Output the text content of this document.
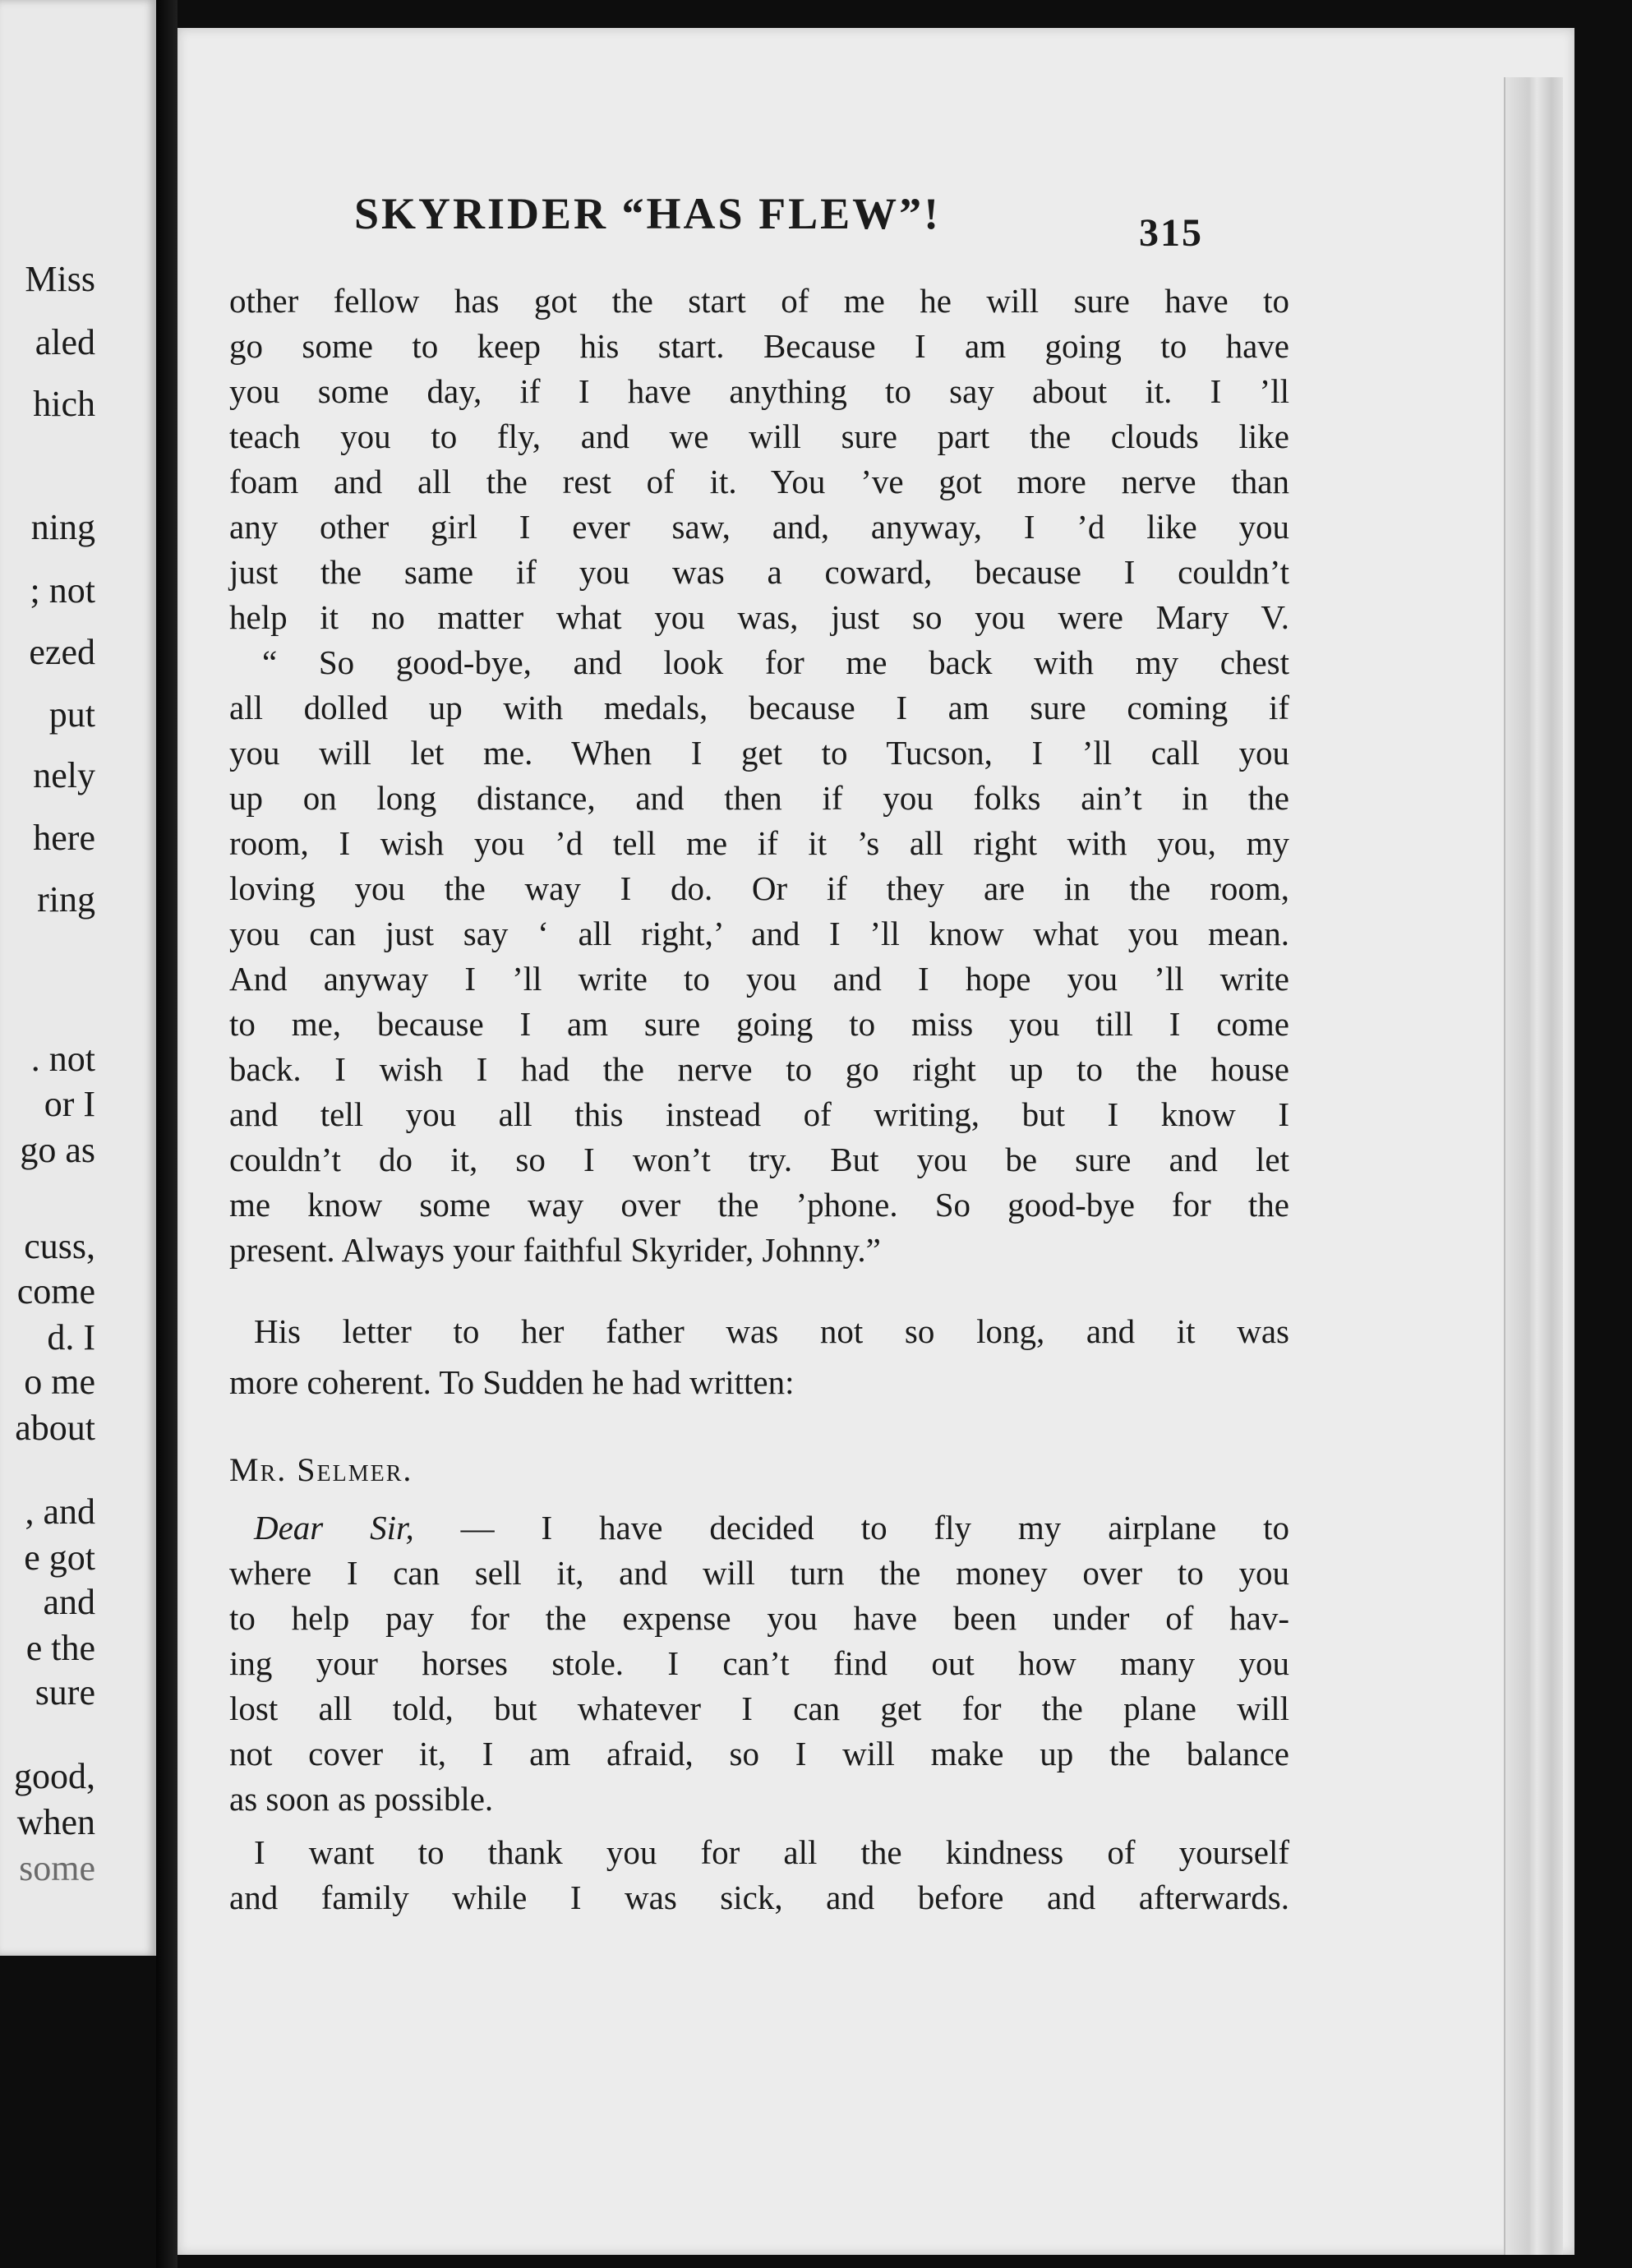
Miss

aled

hich

ning

; not

ezed

put

nely

here

ring

. not

or I

go as

cuss,

come

d. I

o me

about

, and

e got

and

e the

sure

good,

when

some

SKYRIDER “HAS FLEW”!	315

other fellow has got the start of me he will sure have to

go some to keep his start. Because I am going to have

you some day, if I have anything to say about it. I ’ll

teach you to fly, and we will sure part the clouds like

foam and all the rest of it. You ’ve got more nerve than

any other girl I ever saw, and, anyway, I ’d like you

just the same if you was a coward, because I couldn’t

help it no matter what you was, just so you were Mary V.

“ So good-bye, and look for me back with my chest

all dolled up with medals, because I am sure coming if

you will let me. When I get to Tucson, I ’ll call you

up on long distance, and then if you folks ain’t in the

room, I wish you ’d tell me if it ’s all right with you, my

loving you the way I do. Or if they are in the room,

you can just say ‘ all right,’ and I ’ll know what you mean.

And anyway I ’ll write to you and I hope you ’ll write

to me, because I am sure going to miss you till I come

back. I wish I had the nerve to go right up to the house

and tell you all this instead of writing, but I know I

couldn’t do it, so I won’t try. But you be sure and let

me know some way over the ’phone. So good-bye for the

present. Always your faithful Skyrider, Johnny.”

His letter to her father was not so long, and it was

more coherent. To Sudden he had written:

Mr. Selmer.

Dear Sir, — I have decided to fly my airplane to

where I can sell it, and will turn the money over to you

to help pay for the expense you have been under of hav-

ing your horses stole. I can’t find out how many you

lost all told, but whatever I can get for the plane will

not cover it, I am afraid, so I will make up the balance

as soon as possible.

I want to thank you for all the kindness of yourself

and family while I was sick, and before and afterwards.
